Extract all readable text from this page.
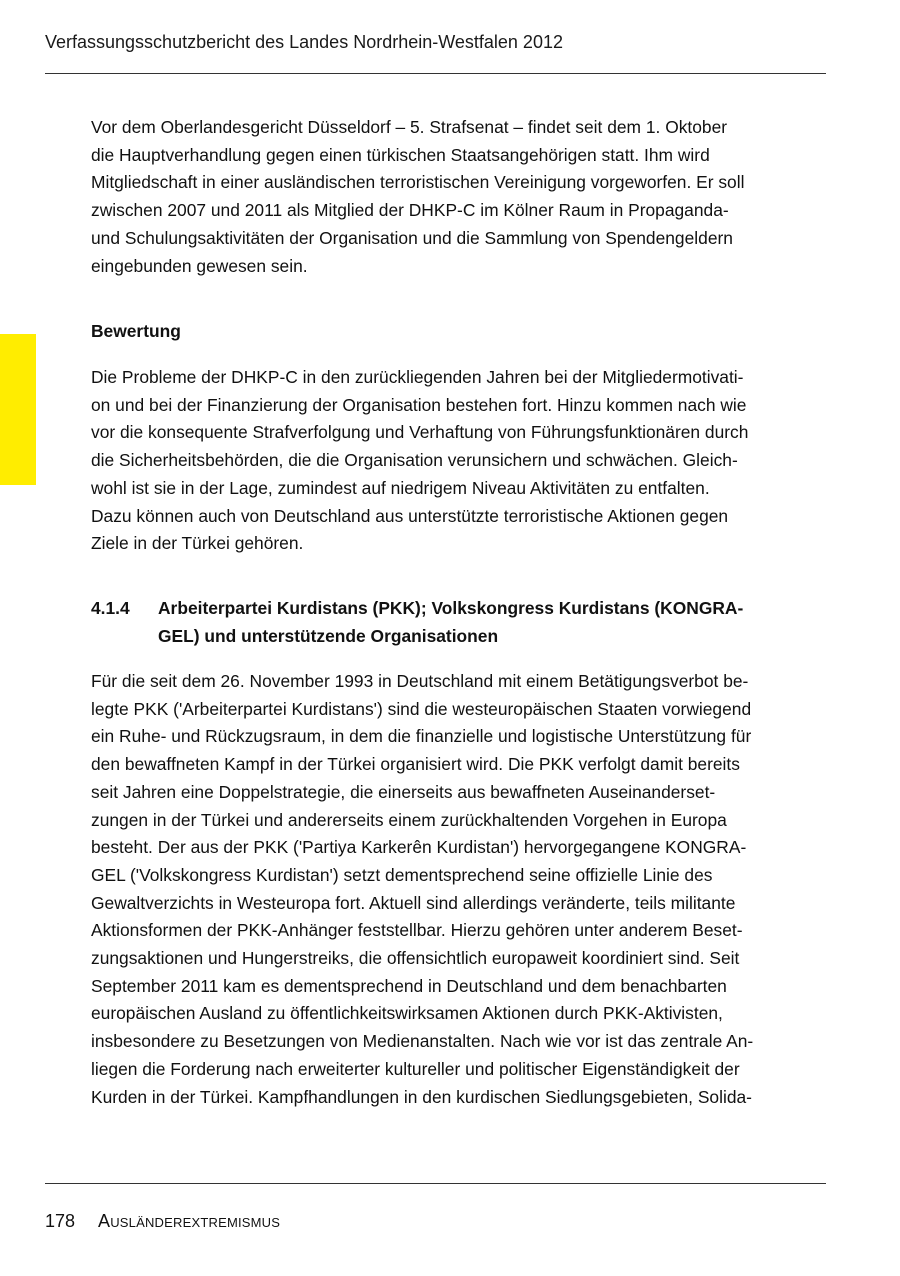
Verfassungsschutzbericht des Landes Nordrhein-Westfalen 2012
Vor dem Oberlandesgericht Düsseldorf – 5. Strafsenat – findet seit dem 1. Oktober
die Hauptverhandlung gegen einen türkischen Staatsangehörigen statt. Ihm wird
Mitgliedschaft in einer ausländischen terroristischen Vereinigung vorgeworfen. Er soll
zwischen 2007 und 2011 als Mitglied der DHKP-C im Kölner Raum in Propaganda-
und Schulungsaktivitäten der Organisation und die Sammlung von Spendengeldern
eingebunden gewesen sein.
Bewertung
Die Probleme der DHKP-C in den zurückliegenden Jahren bei der Mitgliedermotivati-
on und bei der Finanzierung der Organisation bestehen fort. Hinzu kommen nach wie
vor die konsequente Strafverfolgung und Verhaftung von Führungsfunktionären durch
die Sicherheitsbehörden, die die Organisation verunsichern und schwächen. Gleich-
wohl ist sie in der Lage, zumindest auf niedrigem Niveau Aktivitäten zu entfalten.
Dazu können auch von Deutschland aus unterstützte terroristische Aktionen gegen
Ziele in der Türkei gehören.
4.1.4 Arbeiterpartei Kurdistans (PKK); Volkskongress Kurdistans (KONGRA-
GEL) und unterstützende Organisationen
Für die seit dem 26. November 1993 in Deutschland mit einem Betätigungsverbot be-
legte PKK ('Arbeiterpartei Kurdistans') sind die westeuropäischen Staaten vorwiegend
ein Ruhe- und Rückzugsraum, in dem die finanzielle und logistische Unterstützung für
den bewaffneten Kampf in der Türkei organisiert wird. Die PKK verfolgt damit bereits
seit Jahren eine Doppelstrategie, die einerseits aus bewaffneten Auseinanderset-
zungen in der Türkei und andererseits einem zurückhaltenden Vorgehen in Europa
besteht. Der aus der PKK ('Partiya Karkerên Kurdistan') hervorgegangene KONGRA-
GEL ('Volkskongress Kurdistan') setzt dementsprechend seine offizielle Linie des
Gewaltverzichts in Westeuropa fort. Aktuell sind allerdings veränderte, teils militante
Aktionsformen der PKK-Anhänger feststellbar. Hierzu gehören unter anderem Beset-
zungsaktionen und Hungerstreiks, die offensichtlich europaweit koordiniert sind. Seit
September 2011 kam es dementsprechend in Deutschland und dem benachbarten
europäischen Ausland zu öffentlichkeitswirksamen Aktionen durch PKK-Aktivisten,
insbesondere zu Besetzungen von Medienanstalten. Nach wie vor ist das zentrale An-
liegen die Forderung nach erweiterter kultureller und politischer Eigenständigkeit der
Kurden in der Türkei. Kampfhandlungen in den kurdischen Siedlungsgebieten, Solida-
178 Ausländerextremismus
